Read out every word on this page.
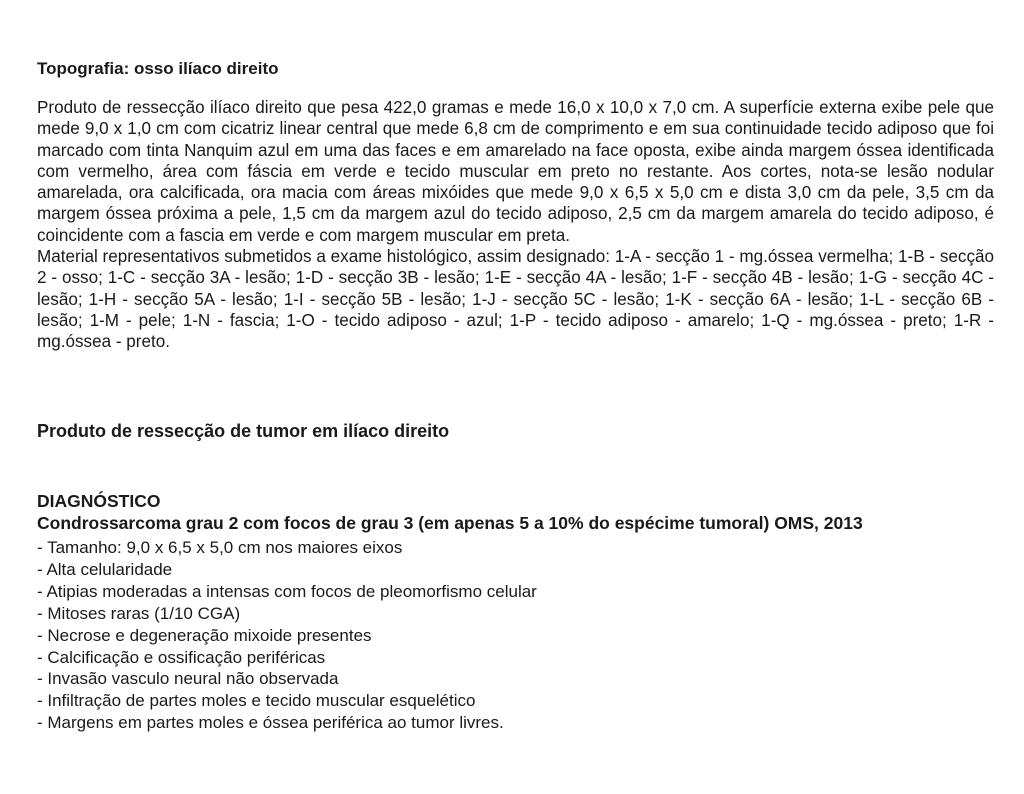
Topografia: osso ilíaco direito

Produto de ressecção ilíaco direito que pesa 422,0 gramas e mede 16,0 x 10,0 x 7,0 cm. A superfície externa exibe pele que mede 9,0 x 1,0 cm com cicatriz linear central que mede 6,8 cm de comprimento e em sua continuidade tecido adiposo que foi marcado com tinta Nanquim azul em uma das faces e em amarelado na face oposta, exibe ainda margem óssea identificada com vermelho, área com fáscia em verde e tecido muscular em preto no restante. Aos cortes, nota-se lesão nodular amarelada, ora calcificada, ora macia com áreas mixóides que mede 9,0 x 6,5 x 5,0 cm e dista 3,0 cm da pele, 3,5 cm da margem óssea próxima a pele, 1,5 cm da margem azul do tecido adiposo, 2,5 cm da margem amarela do tecido adiposo, é coincidente com a fascia em verde e com margem muscular em preta.

Material representativos submetidos a exame histológico, assim designado: 1-A - secção 1 - mg.óssea vermelha; 1-B - secção 2 - osso; 1-C - secção 3A - lesão; 1-D - secção 3B - lesão; 1-E - secção 4A - lesão; 1-F - secção 4B - lesão; 1-G - secção 4C - lesão; 1-H - secção 5A - lesão; 1-I - secção 5B - lesão; 1-J - secção 5C - lesão; 1-K - secção 6A - lesão; 1-L - secção 6B - lesão; 1-M - pele; 1-N - fascia; 1-O - tecido adiposo - azul; 1-P - tecido adiposo - amarelo; 1-Q - mg.óssea - preto; 1-R - mg.óssea - preto.

Produto de ressecção de tumor em ilíaco direito
DIAGNÓSTICO
Condrossarcoma grau 2 com focos de grau 3 (em apenas 5 a 10% do espécime tumoral) OMS, 2013
- Tamanho: 9,0 x 6,5 x 5,0 cm nos maiores eixos
- Alta celularidade
- Atipias moderadas a intensas com focos de pleomorfismo celular
- Mitoses raras (1/10 CGA)
- Necrose e degeneração mixoide presentes
- Calcificação e ossificação periféricas
- Invasão vasculo neural não observada
- Infiltração de partes moles e tecido muscular esquelético
- Margens em partes moles e óssea periférica ao tumor livres.
